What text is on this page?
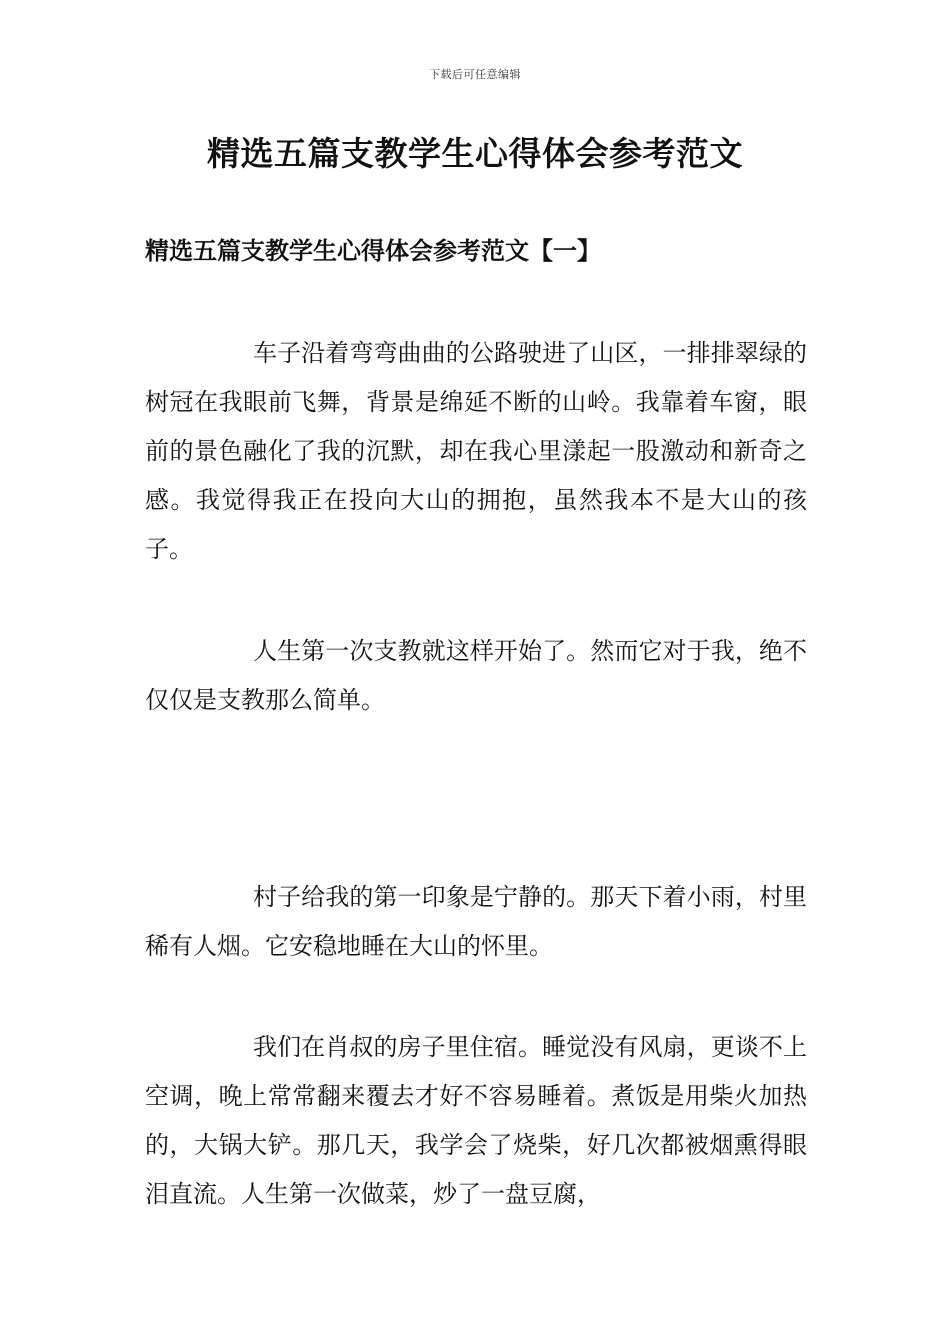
下载后可任意编辑
精选五篇支教学生心得体会参考范文
精选五篇支教学生心得体会参考范文【一】

车子沿着弯弯曲曲的公路驶进了山区，一排排翠绿的树冠在我眼前飞舞，背景是绵延不断的山岭。我靠着车窗，眼前的景色融化了我的沉默，却在我心里漾起一股激动和新奇之感。我觉得我正在投向大山的拥抱，虽然我本不是大山的孩子。

人生第一次支教就这样开始了。然而它对于我，绝不仅仅是支教那么简单。

村子给我的第一印象是宁静的。那天下着小雨，村里稀有人烟。它安稳地睡在大山的怀里。

我们在肖叔的房子里住宿。睡觉没有风扇，更谈不上空调，晚上常常翻来覆去才好不容易睡着。煮饭是用柴火加热的，大锅大铲。那几天，我学会了烧柴，好几次都被烟熏得眼泪直流。人生第一次做菜，炒了一盘豆腐，
